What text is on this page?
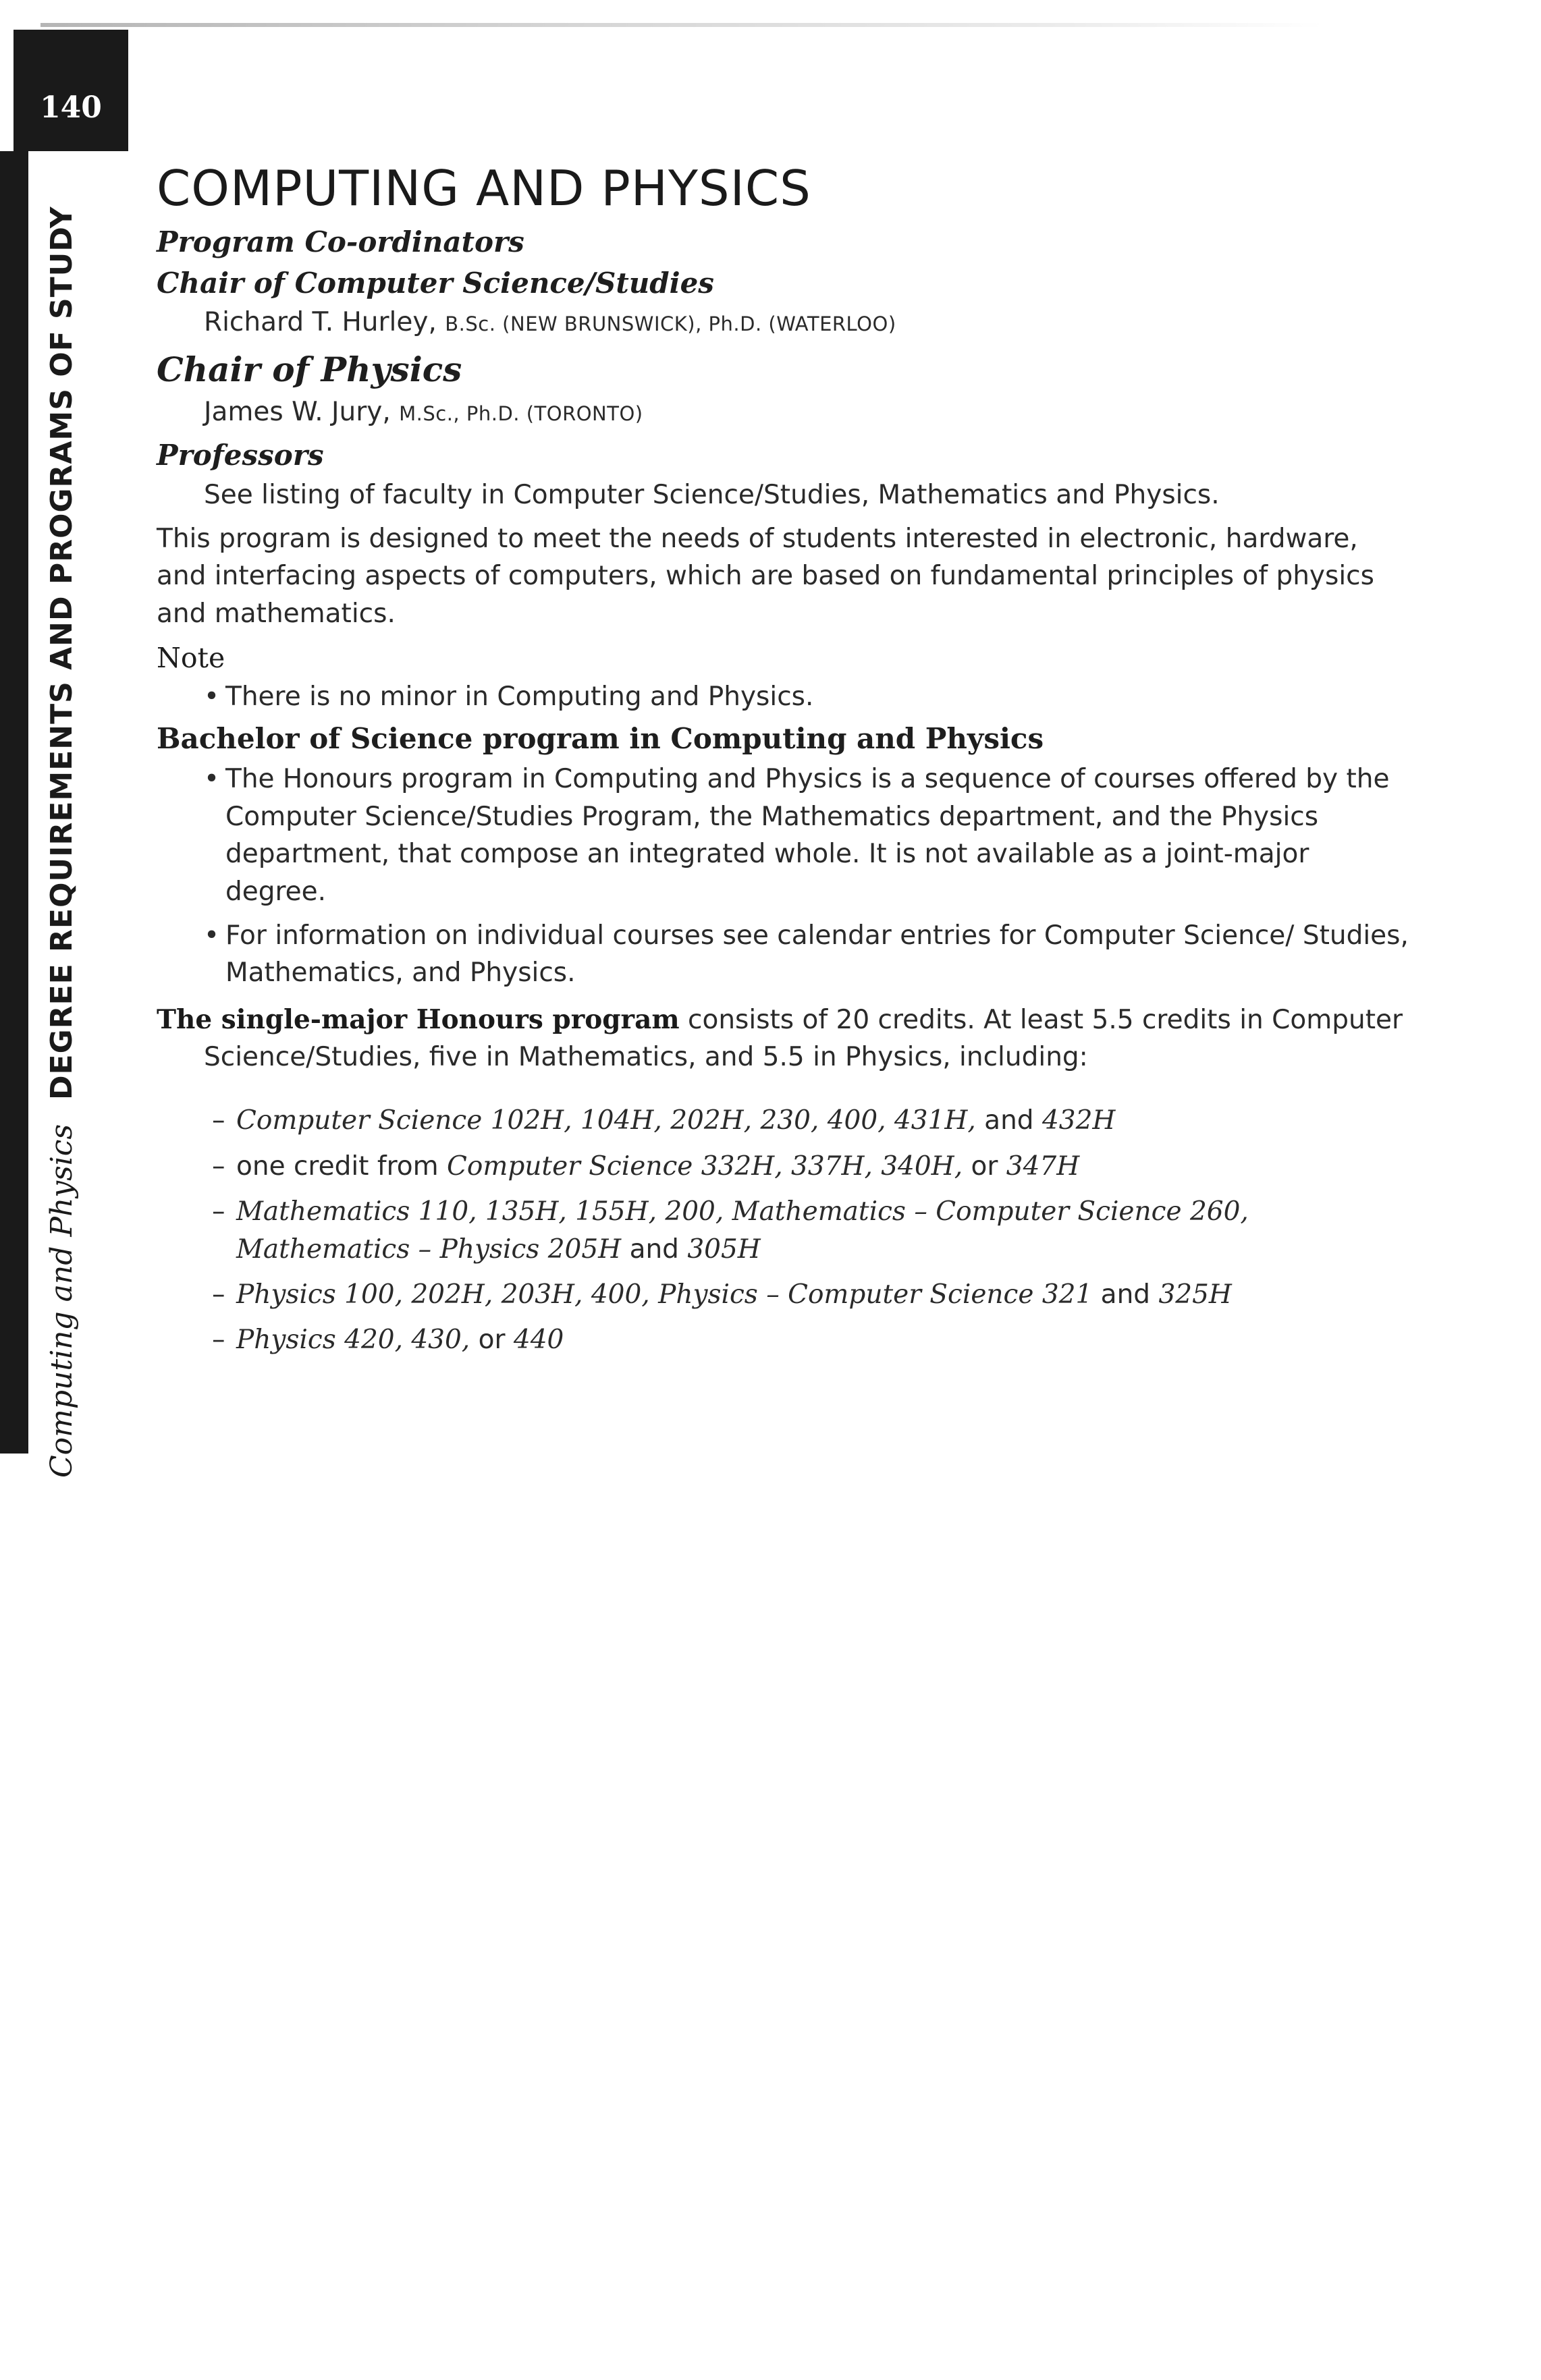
140
Computing and PhysicsDEGREE REQUIREMENTS AND PROGRAMS OF STUDY
COMPUTING AND PHYSICS

Program Co-ordinators

Chair of Computer Science/Studies

Richard T. Hurley, B.Sc. (NEW BRUNSWICK), Ph.D. (WATERLOO)

Chair of Physics

James W. Jury, M.Sc., Ph.D. (TORONTO)

Professors

See listing of faculty in Computer Science/Studies, Mathematics and Physics.

This program is designed to meet the needs of students interested in electronic, hardware, and interfacing aspects of computers, which are based on fundamental principles of physics and mathematics.

Note

• There is no minor in Computing and Physics.

Bachelor of Science program in Computing and Physics

• The Honours program in Computing and Physics is a sequence of courses offered by the Computer Science/Studies Program, the Mathematics department, and the Physics department, that compose an integrated whole. It is not available as a joint-major degree.
• For information on individual courses see calendar entries for Computer Science/ Studies, Mathematics, and Physics.

The single-major Honours program consists of 20 credits. At least 5.5 credits in Computer Science/Studies, five in Mathematics, and 5.5 in Physics, including:

– Computer Science 102H, 104H, 202H, 230, 400, 431H, and 432H
– one credit from Computer Science 332H, 337H, 340H, or 347H
– Mathematics 110, 135H, 155H, 200, Mathematics – Computer Science 260, Mathematics – Physics 205H and 305H
– Physics 100, 202H, 203H, 400, Physics – Computer Science 321 and 325H
– Physics 420, 430, or 440
